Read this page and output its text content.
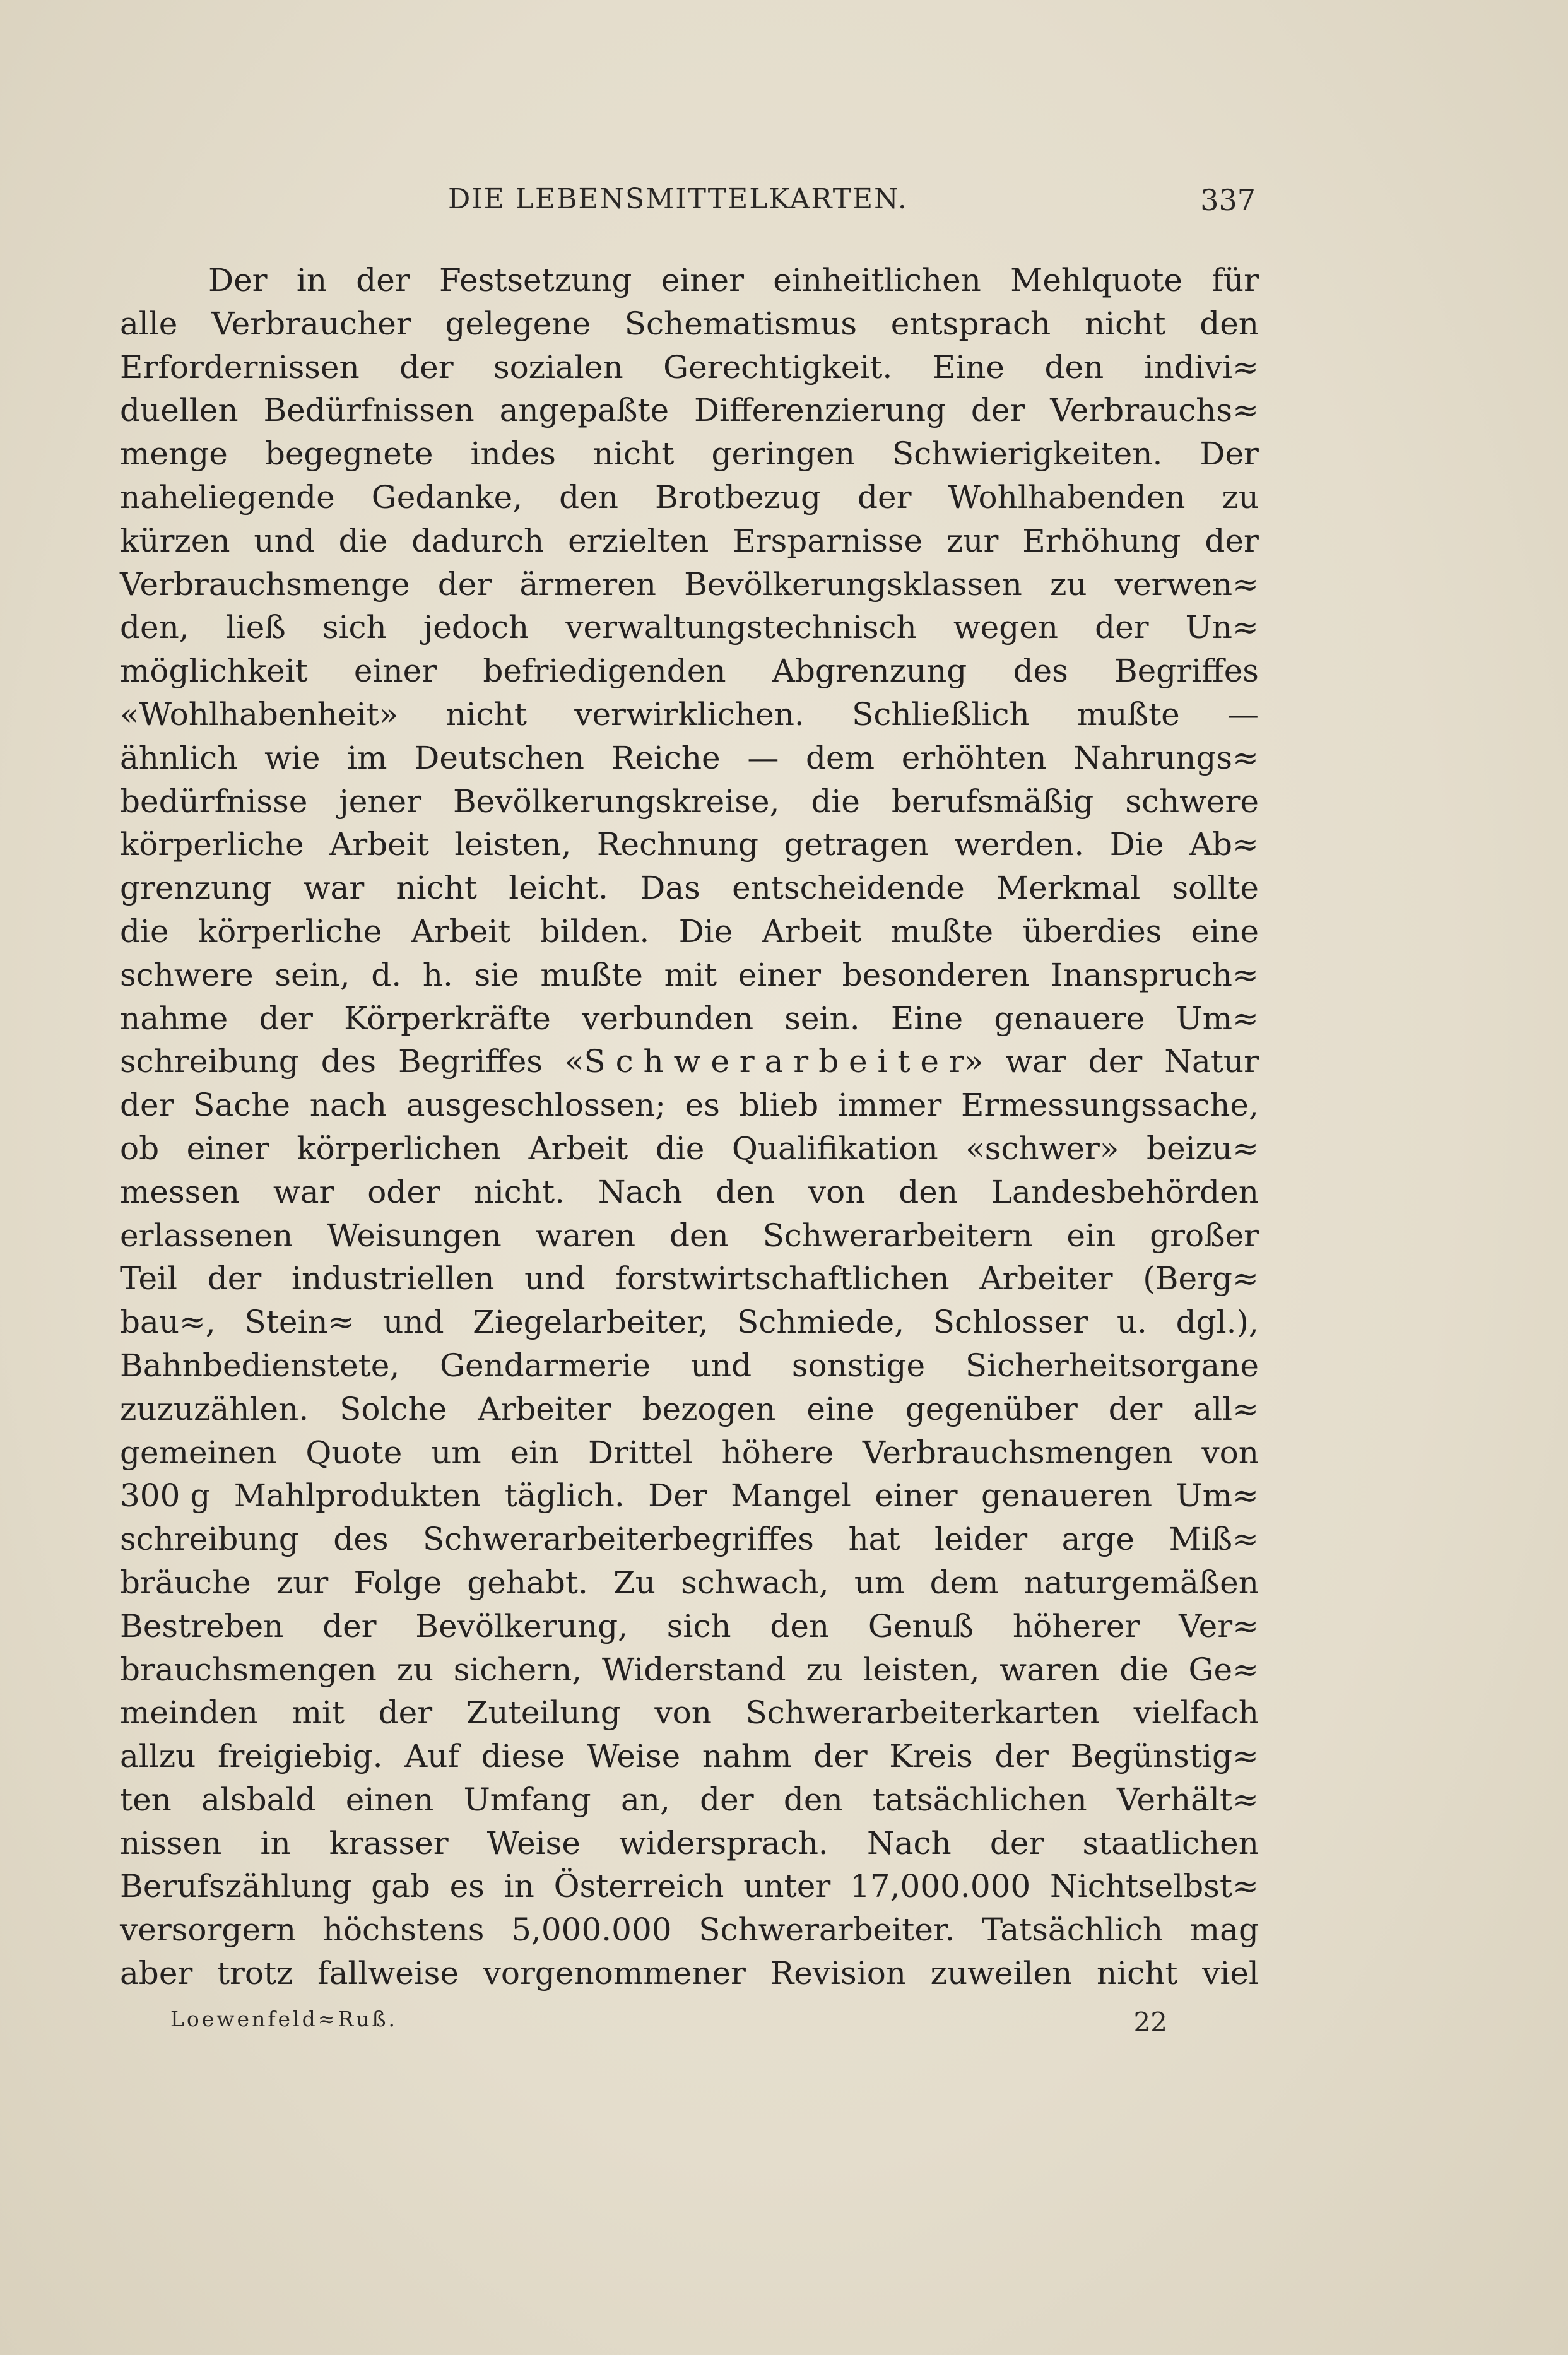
DIE LEBENSMITTELKARTEN.	337
Der in der Festsetzung einer einheitlichen Mehlquote für
alle Verbraucher gelegene Schematismus entsprach nicht den
Erfordernissen der sozialen Gerechtigkeit. Eine den indivi≈
duellen Bedürfnissen angepaßte Differenzierung der Verbrauchs≈
menge begegnete indes nicht geringen Schwierigkeiten. Der
naheliegende Gedanke, den Brotbezug der Wohlhabenden zu
kürzen und die dadurch erzielten Ersparnisse zur Erhöhung der
Verbrauchsmenge der ärmeren Bevölkerungsklassen zu verwen≈
den, ließ sich jedoch verwaltungstechnisch wegen der Un≈
möglichkeit einer befriedigenden Abgrenzung des Begriffes
«Wohlhabenheit» nicht verwirklichen. Schließlich mußte —
ähnlich wie im Deutschen Reiche — dem erhöhten Nahrungs≈
bedürfnisse jener Bevölkerungskreise, die berufsmäßig schwere
körperliche Arbeit leisten, Rechnung getragen werden. Die Ab≈
grenzung war nicht leicht. Das entscheidende Merkmal sollte
die körperliche Arbeit bilden. Die Arbeit mußte überdies eine
schwere sein, d. h. sie mußte mit einer besonderen Inanspruch≈
nahme der Körperkräfte verbunden sein. Eine genauere Um≈
schreibung des Begriffes «S c h w e r a r b e i t e r» war der Natur
der Sache nach ausgeschlossen; es blieb immer Ermessungssache,
ob einer körperlichen Arbeit die Qualifikation «schwer» beizu≈
messen war oder nicht. Nach den von den Landesbehörden
erlassenen Weisungen waren den Schwerarbeitern ein großer
Teil der industriellen und forstwirtschaftlichen Arbeiter (Berg≈
bau≈, Stein≈ und Ziegelarbeiter, Schmiede, Schlosser u. dgl.),
Bahnbedienstete, Gendarmerie und sonstige Sicherheitsorgane
zuzuzählen. Solche Arbeiter bezogen eine gegenüber der all≈
gemeinen Quote um ein Drittel höhere Verbrauchsmengen von
300 g Mahlprodukten täglich. Der Mangel einer genaueren Um≈
schreibung des Schwerarbeiterbegriffes hat leider arge Miß≈
bräuche zur Folge gehabt. Zu schwach, um dem naturgemäßen
Bestreben der Bevölkerung, sich den Genuß höherer Ver≈
brauchsmengen zu sichern, Widerstand zu leisten, waren die Ge≈
meinden mit der Zuteilung von Schwerarbeiterkarten vielfach
allzu freigiebig. Auf diese Weise nahm der Kreis der Begünstig≈
ten alsbald einen Umfang an, der den tatsächlichen Verhält≈
nissen in krasser Weise widersprach. Nach der staatlichen
Berufszählung gab es in Österreich unter 17,000.000 Nichtselbst≈
versorgern höchstens 5,000.000 Schwerarbeiter. Tatsächlich mag
aber trotz fallweise vorgenommener Revision zuweilen nicht viel
Loewenfeld≈Ruß.	22
